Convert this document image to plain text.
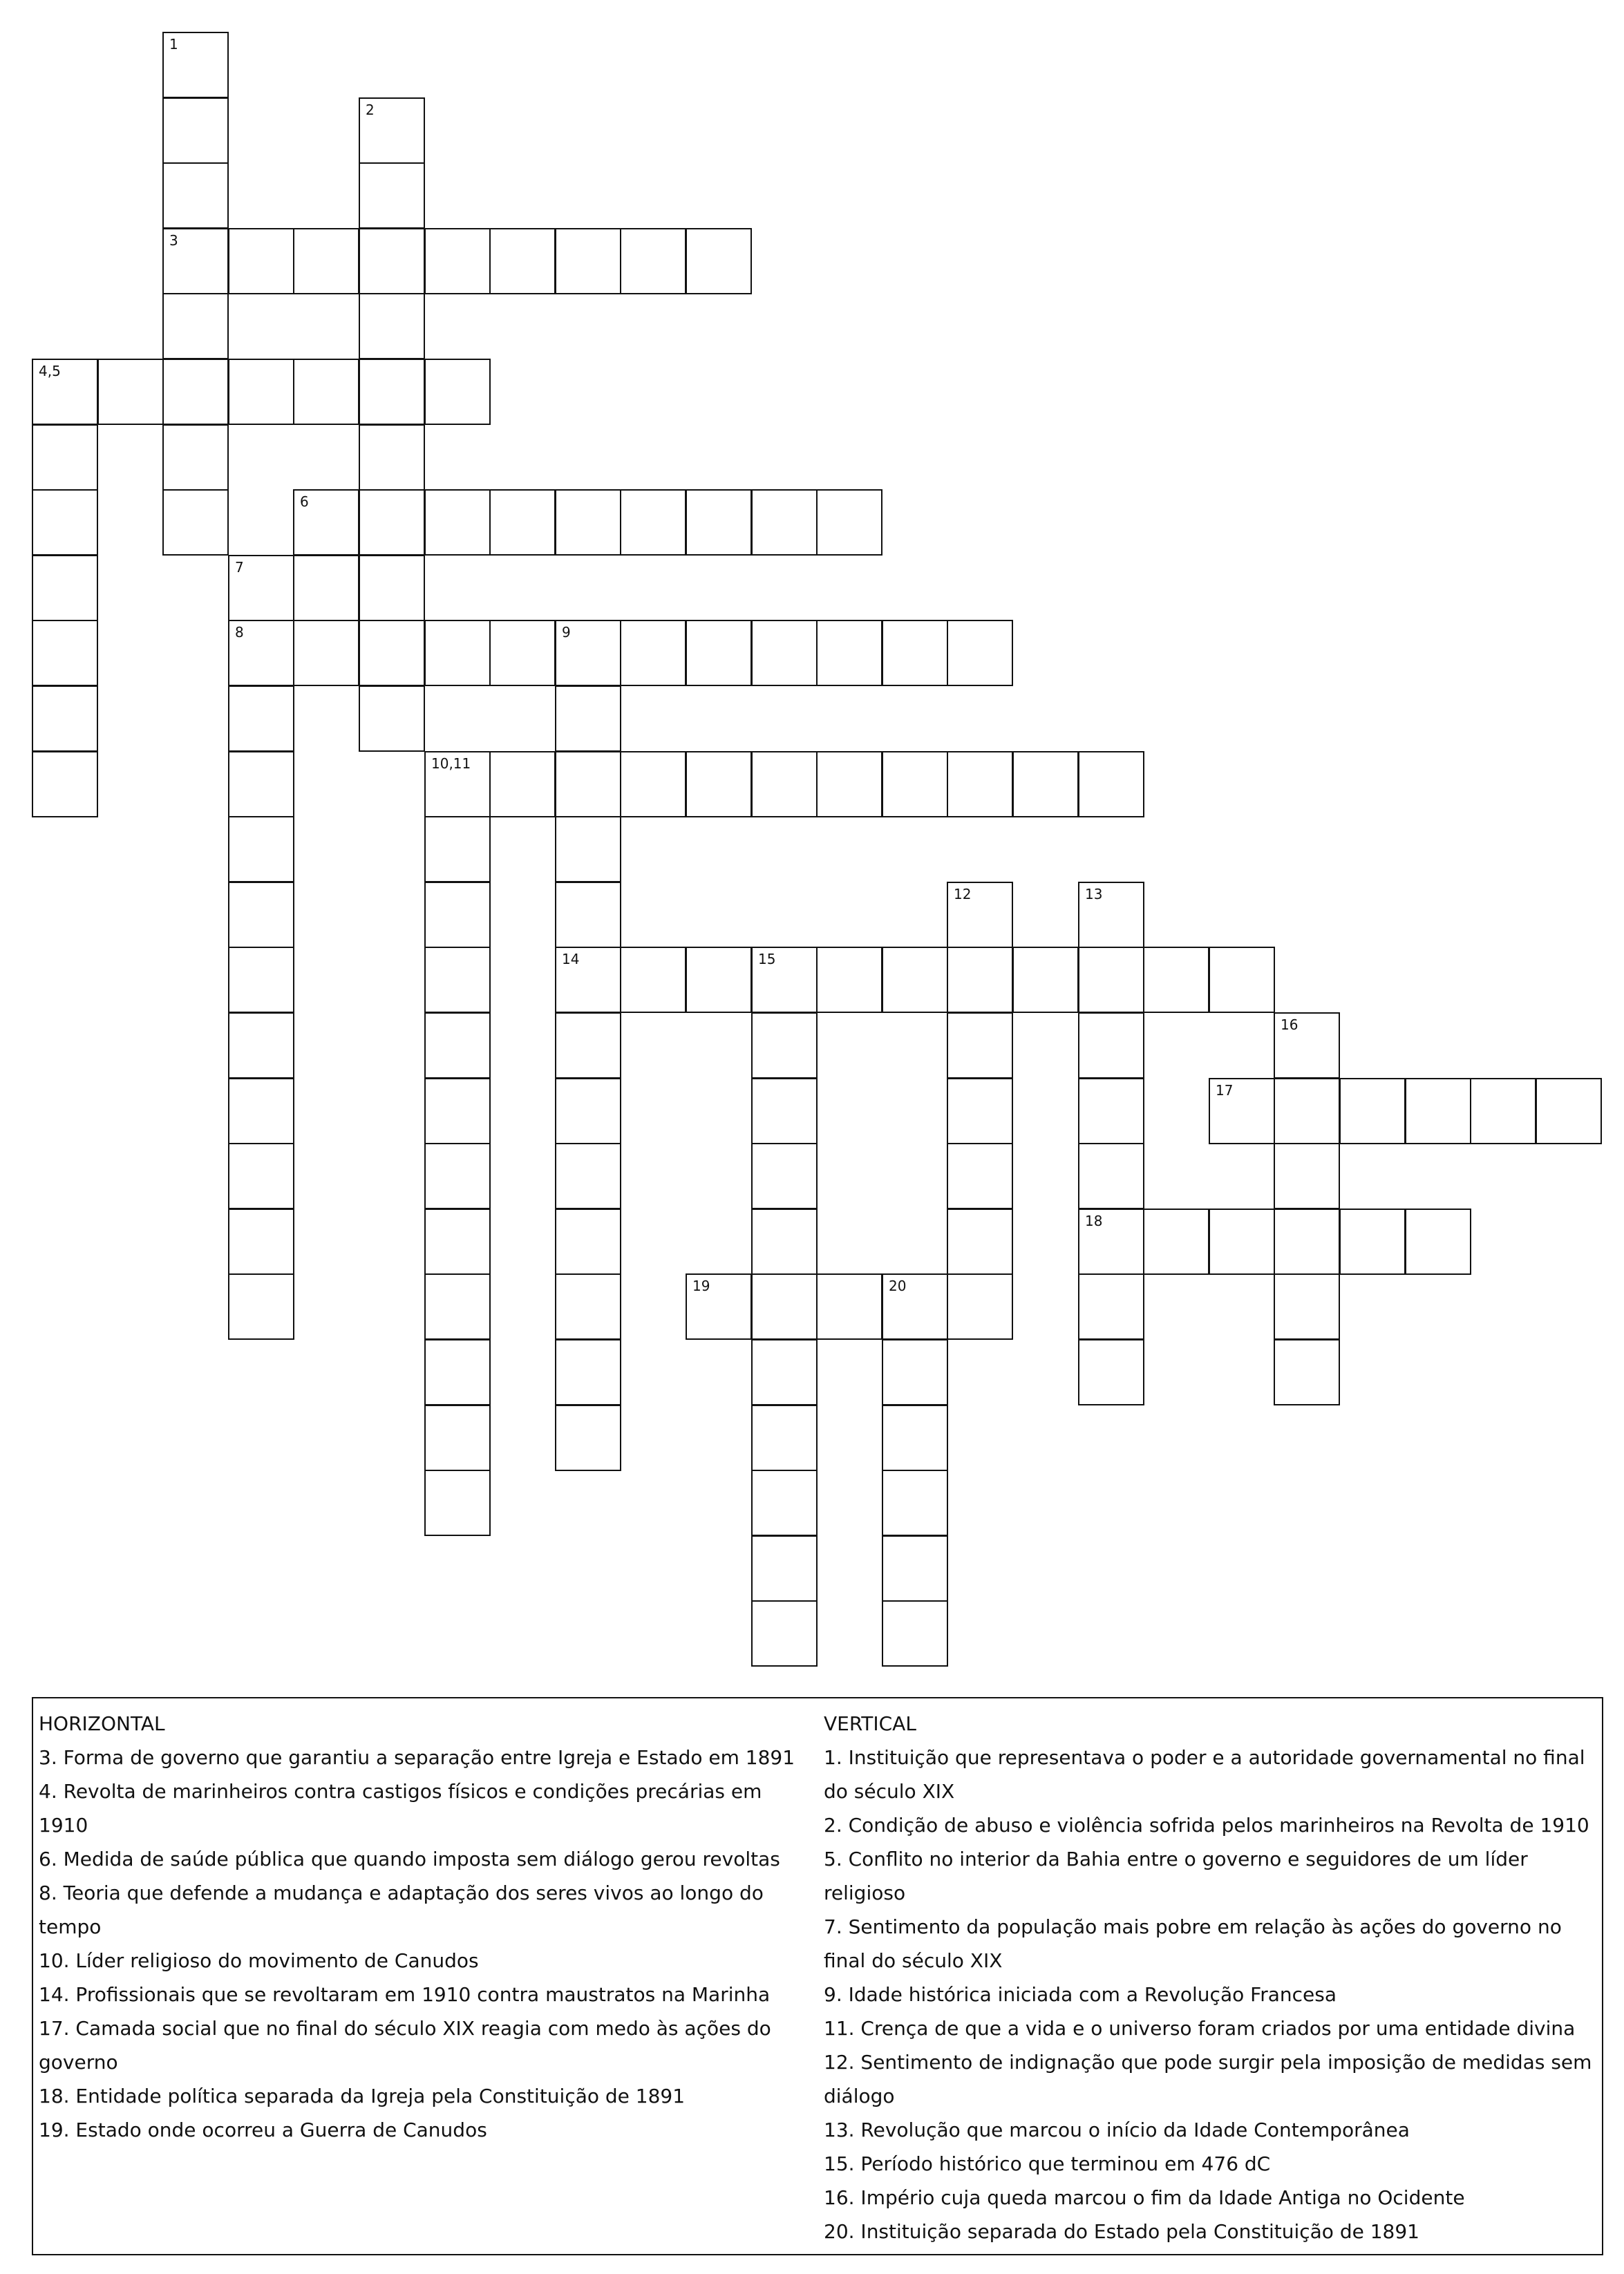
1
3
2
4,5
6
7
8	9
10,11
12	13
14	15
16
17
18
19	20
HORIZONTAL
3. Forma de governo que garantiu a separação entre Igreja e Estado em 1891
4. Revolta de marinheiros contra castigos físicos e condições precárias em 1910
6. Medida de saúde pública que quando imposta sem diálogo gerou revoltas
8. Teoria que defende a mudança e adaptação dos seres vivos ao longo do tempo
10. Líder religioso do movimento de Canudos
14. Profissionais que se revoltaram em 1910 contra maustratos na Marinha
17. Camada social que no final do século XIX reagia com medo às ações do governo
18. Entidade política separada da Igreja pela Constituição de 1891
19. Estado onde ocorreu a Guerra de Canudos
VERTICAL
1. Instituição que representava o poder e a autoridade governamental no final do século XIX
2. Condição de abuso e violência sofrida pelos marinheiros na Revolta de 1910
5. Conflito no interior da Bahia entre o governo e seguidores de um líder religioso
7. Sentimento da população mais pobre em relação às ações do governo no final do século XIX
9. Idade histórica iniciada com a Revolução Francesa
11. Crença de que a vida e o universo foram criados por uma entidade divina
12. Sentimento de indignação que pode surgir pela imposição de medidas sem diálogo
13. Revolução que marcou o início da Idade Contemporânea
15. Período histórico que terminou em 476 dC
16. Império cuja queda marcou o fim da Idade Antiga no Ocidente
20. Instituição separada do Estado pela Constituição de 1891
